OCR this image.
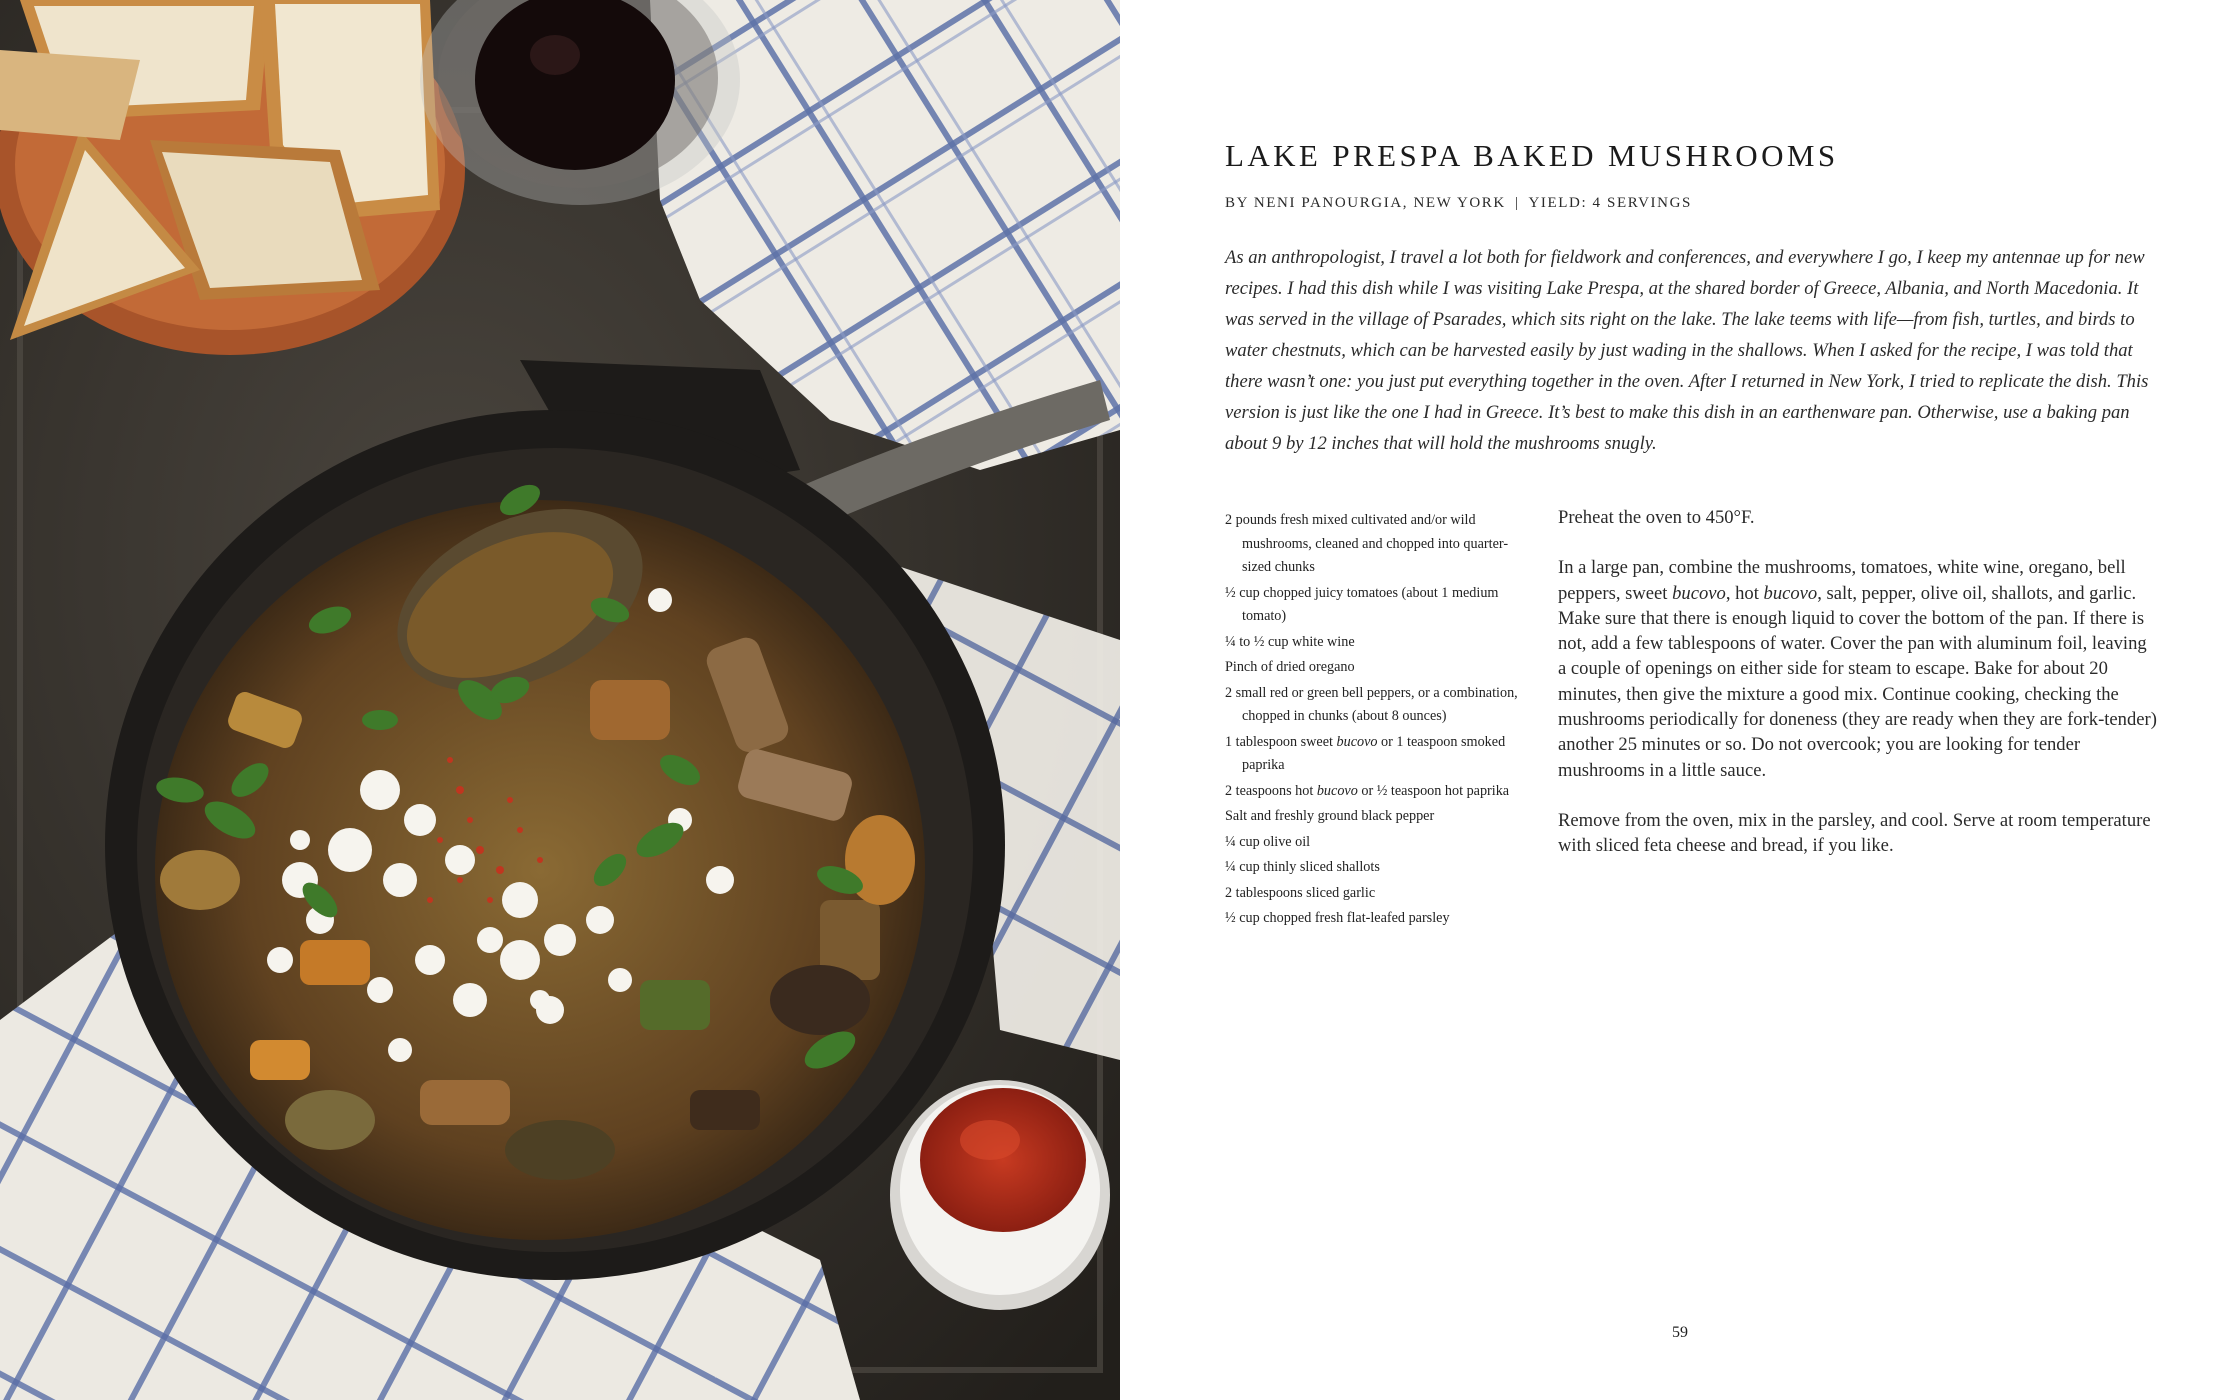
LAKE PRESPA BAKED MUSHROOMS
BY NENI PANOURGIA, NEW YORK | YIELD: 4 SERVINGS

As an anthropologist, I travel a lot both for fieldwork and conferences, and everywhere I go, I keep my antennae up for new recipes. I had this dish while I was visiting Lake Prespa, at the shared border of Greece, Albania, and North Macedonia. It was served in the village of Psarades, which sits right on the lake. The lake teems with life—from fish, turtles, and birds to water chestnuts, which can be harvested easily by just wading in the shallows. When I asked for the recipe, I was told that there wasn’t one: you just put everything together in the oven. After I returned in New York, I tried to replicate the dish. This version is just like the one I had in Greece. It’s best to make this dish in an earthenware pan. Otherwise, use a baking pan about 9 by 12 inches that will hold the mushrooms snugly.

2 pounds fresh mixed cultivated and/or wild mushrooms, cleaned and chopped into quarter-sized chunks
½ cup chopped juicy tomatoes (about 1 medium tomato)
¼ to ½ cup white wine
Pinch of dried oregano
2 small red or green bell peppers, or a combination, chopped in chunks (about 8 ounces)
1 tablespoon sweet bucovo or 1 teaspoon smoked paprika
2 teaspoons hot bucovo or ½ teaspoon hot paprika
Salt and freshly ground black pepper
¼ cup olive oil
¼ cup thinly sliced shallots
2 tablespoons sliced garlic
½ cup chopped fresh flat-leafed parsley

Preheat the oven to 450°F.

In a large pan, combine the mushrooms, tomatoes, white wine, oregano, bell peppers, sweet bucovo, hot bucovo, salt, pepper, olive oil, shallots, and garlic. Make sure that there is enough liquid to cover the bottom of the pan. If there is not, add a few tablespoons of water. Cover the pan with aluminum foil, leaving a couple of openings on either side for steam to escape. Bake for about 20 minutes, then give the mixture a good mix. Continue cooking, checking the mushrooms periodically for doneness (they are ready when they are fork-tender) another 25 minutes or so. Do not overcook; you are looking for tender mushrooms in a little sauce.

Remove from the oven, mix in the parsley, and cool. Serve at room temperature with sliced feta cheese and bread, if you like.

59
